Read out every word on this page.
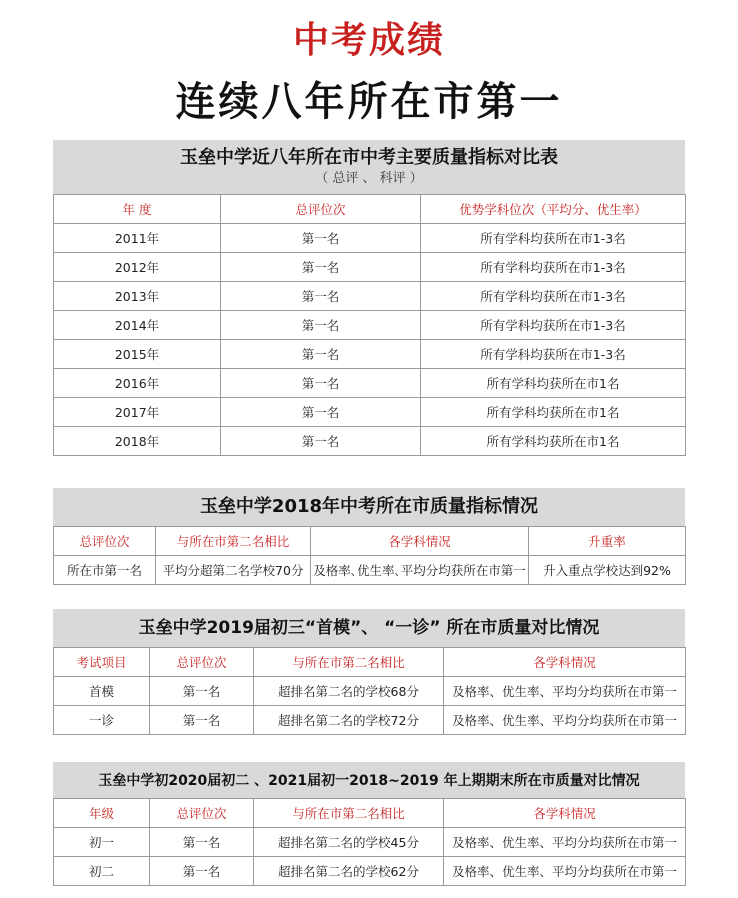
中考成绩
连续八年所在市第一
玉垒中学近八年所在市中考主要质量指标对比表
（ 总评 、 科评 ）
年 度	总评位次	优势学科位次（平均分、优生率）
2011年	第一名	所有学科均获所在市1-3名
2012年	第一名	所有学科均获所在市1-3名
2013年	第一名	所有学科均获所在市1-3名
2014年	第一名	所有学科均获所在市1-3名
2015年	第一名	所有学科均获所在市1-3名
2016年	第一名	所有学科均获所在市1名
2017年	第一名	所有学科均获所在市1名
2018年	第一名	所有学科均获所在市1名
玉垒中学2018年中考所在市质量指标情况
总评位次	与所在市第二名相比	各学科情况	升重率
所在市第一名	平均分超第二名学校70分	及格率､优生率､平均分均获所在市第一	升入重点学校达到92%
玉垒中学2019届初三“首模”、 “一诊” 所在市质量对比情况
考试项目	总评位次	与所在市第二名相比	各学科情况
首模	第一名	超排名第二名的学校68分	及格率、优生率、平均分均获所在市第一
一诊	第一名	超排名第二名的学校72分	及格率、优生率、平均分均获所在市第一
玉垒中学初2020届初二 、2021届初一2018~2019 年上期期末所在市质量对比情况
年级	总评位次	与所在市第二名相比	各学科情况
初一	第一名	超排名第二名的学校45分	及格率、优生率、平均分均获所在市第一
初二	第一名	超排名第二名的学校62分	及格率、优生率、平均分均获所在市第一
